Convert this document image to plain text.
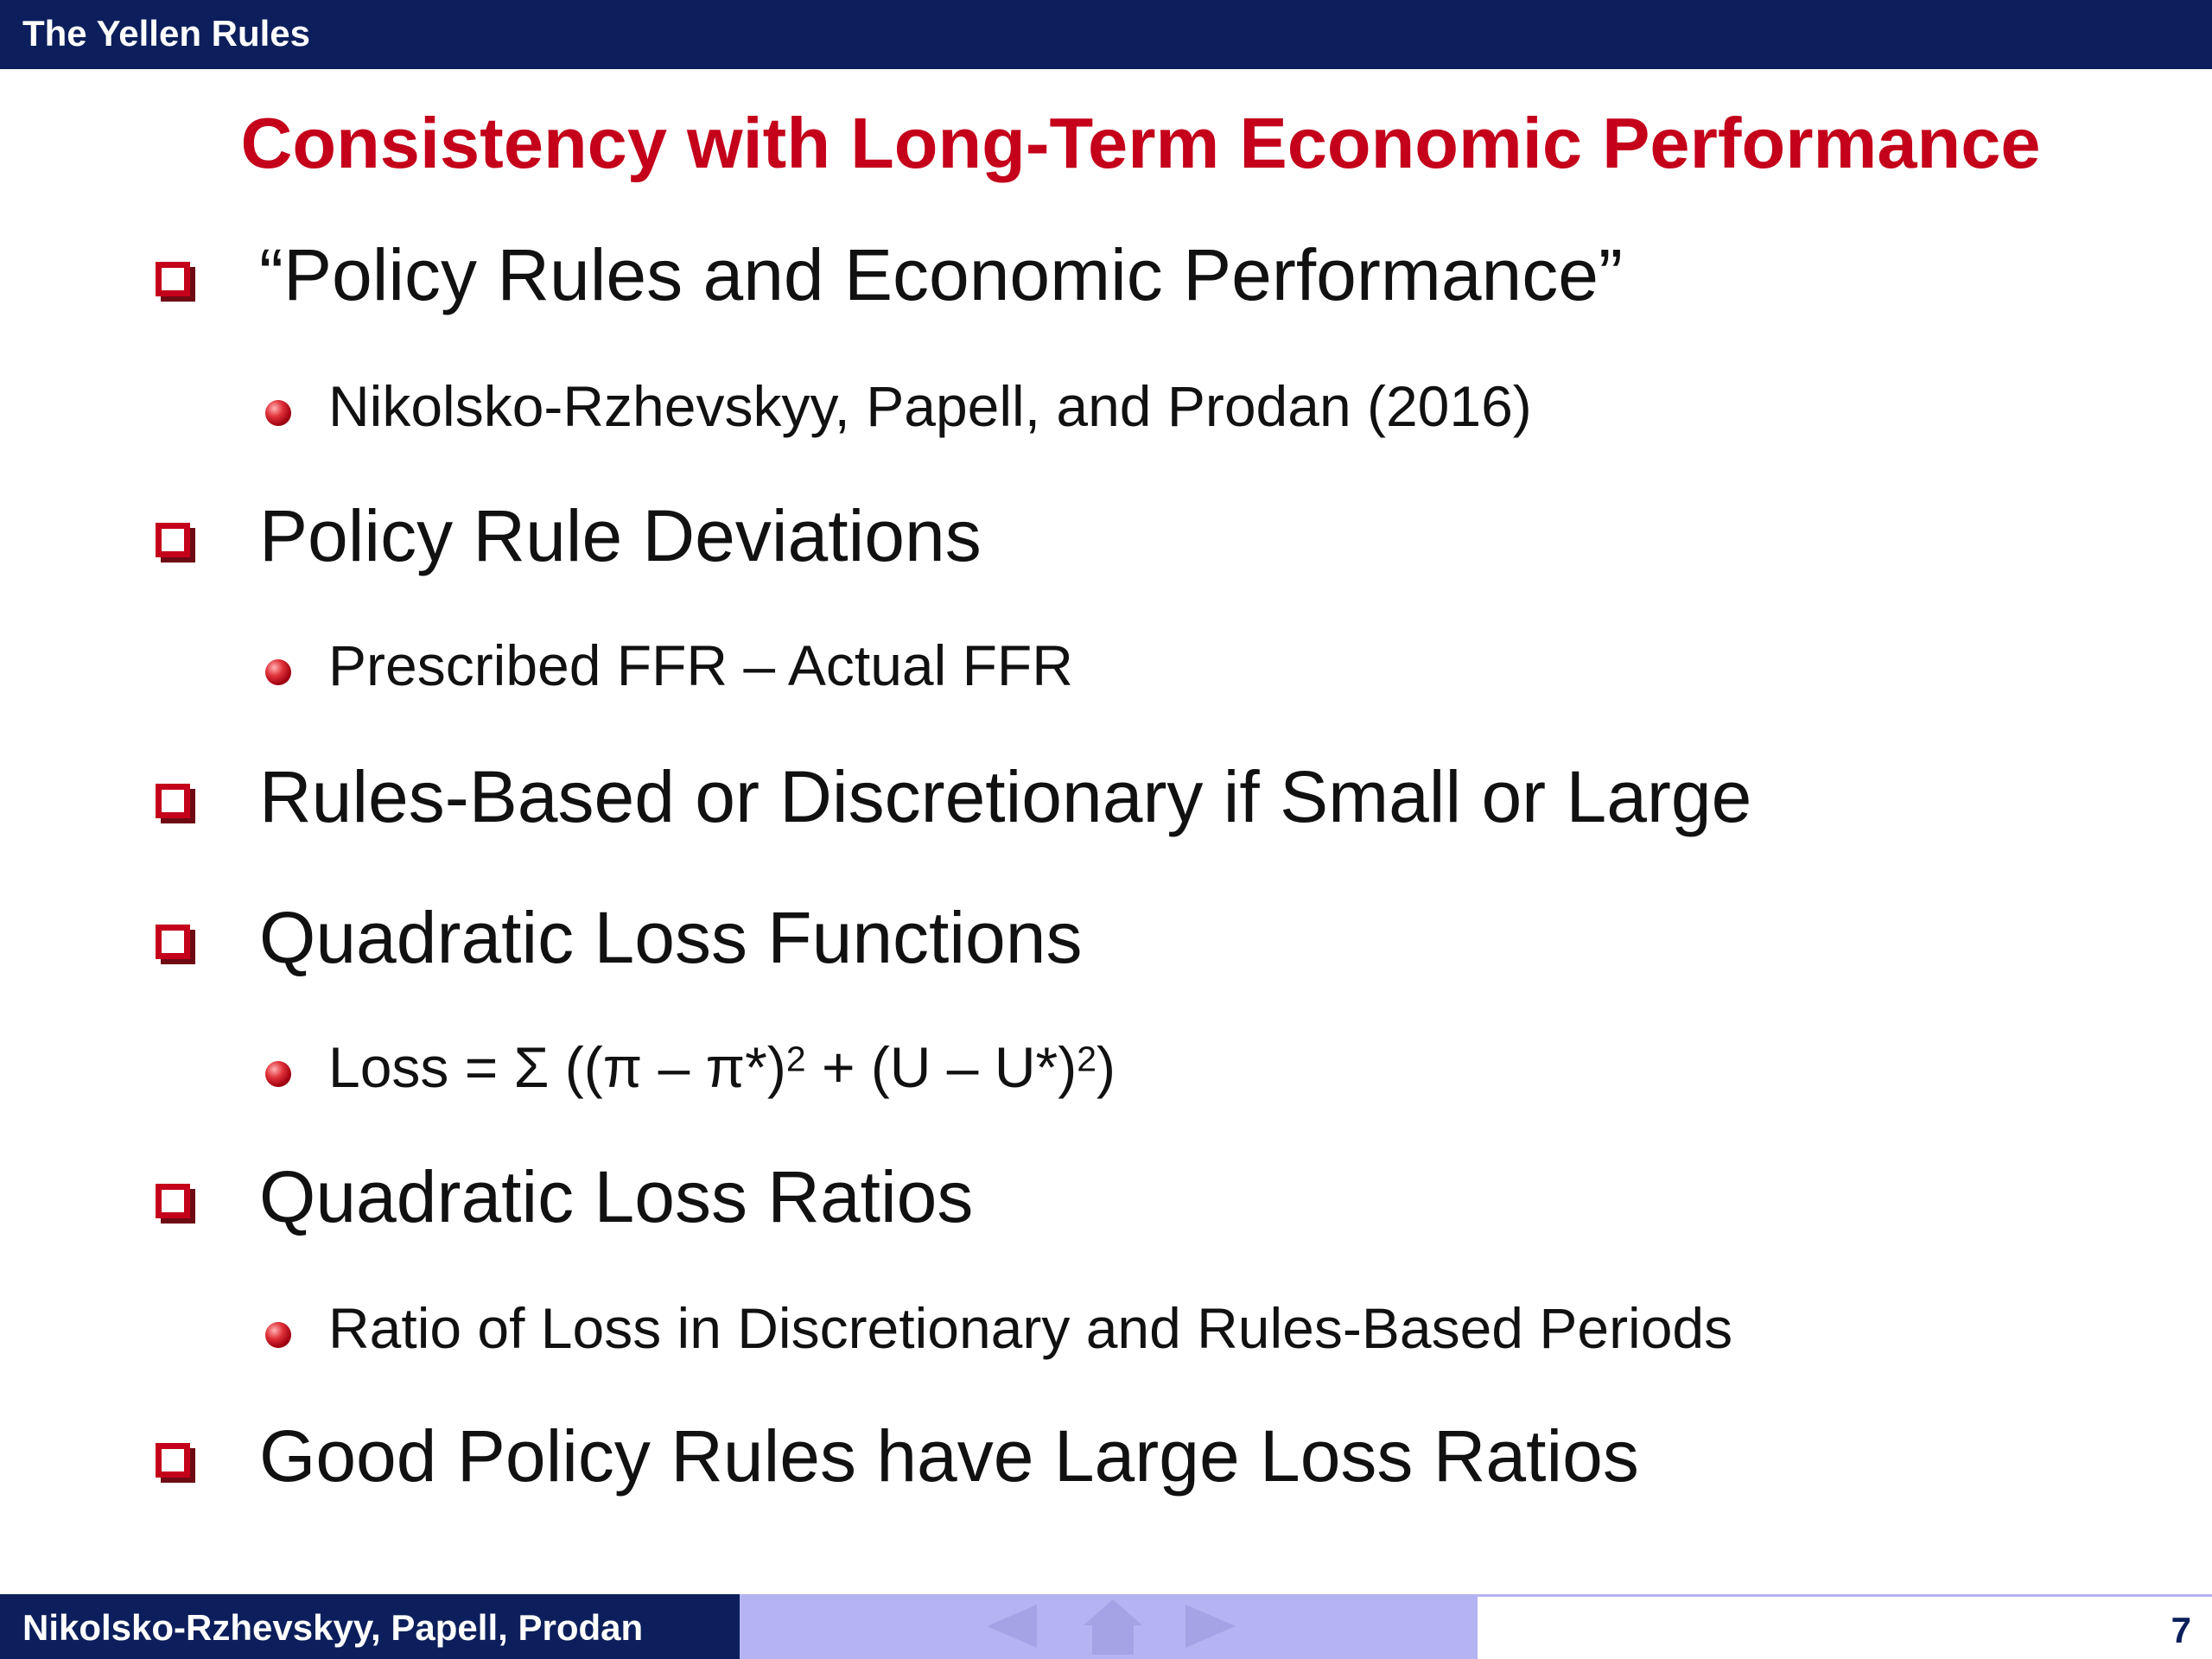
The Yellen Rules
Consistency with Long-Term Economic Performance
“Policy Rules and Economic Performance”
Nikolsko-Rzhevskyy, Papell, and Prodan (2016)
Policy Rule Deviations
Prescribed FFR – Actual FFR
Rules-Based or Discretionary if Small or Large
Quadratic Loss Functions
Loss = Σ ((π – π*)$^2$ + (U – U*)$^2$)
Quadratic Loss Ratios
Ratio of Loss in Discretionary and Rules-Based Periods
Good Policy Rules have Large Loss Ratios
Nikolsko-Rzhevskyy, Papell, Prodan	7
